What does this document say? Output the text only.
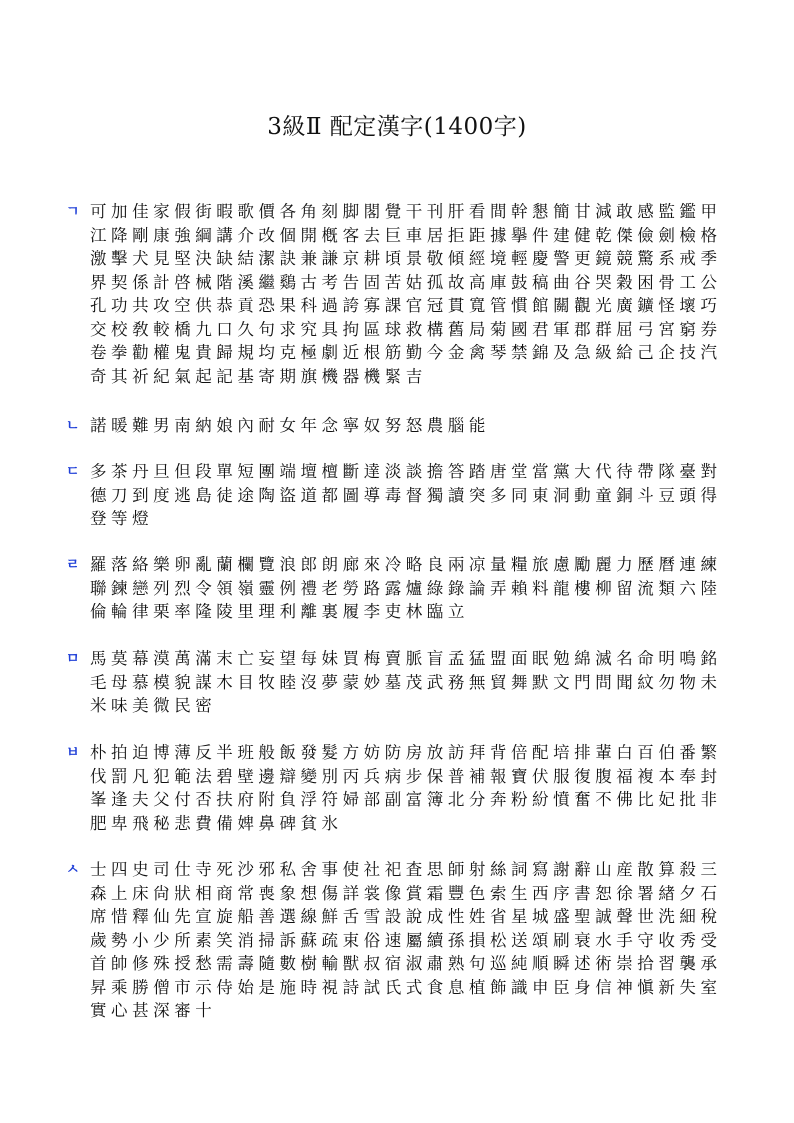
3級Ⅱ 配定漢字(1400字)
ㄱ 可加佳家假街暇歌價各角刻脚閣覺干刊肝看間幹懇簡甘減敢感監鑑甲江降剛康強綱講介改個開槪客去巨車居拒距據擧件建健乾傑儉劍檢格激擊犬見堅決缺結潔訣兼謙京耕頃景敬傾經境輕慶警更鏡競驚系戒季界契係計啓械階溪繼鷄古考告固苦姑孤故高庫鼓稿曲谷哭穀困骨工公孔功共攻空供恭貢恐果科過誇寡課官冠貫寬管慣館關觀光廣鑛怪壞巧交校敎較橋九口久句求究具拘區球救構舊局菊國君軍郡群屈弓宮窮券卷拳勸權鬼貴歸規均克極劇近根筋勤今金禽琴禁錦及急級給己企技汽奇其祈紀氣起記基寄期旗機器機緊吉
ㄴ 諾暖難男南納娘內耐女年念寧奴努怒農腦能
ㄷ 多茶丹旦但段單短團端壇檀斷達淡談擔答踏唐堂當黨大代待帶隊臺對德刀到度逃島徒途陶盜道都圖導毒督獨讀突多同東洞動童銅斗豆頭得登等燈
ㄹ 羅落絡樂卵亂蘭欄覽浪郎朗廊來冷略良兩凉量糧旅慮勵麗力歷曆連練聯鍊戀列烈令領嶺靈例禮老勞路露爐綠錄論弄賴料龍樓柳留流類六陸倫輪律栗率隆陵里理利離裏履李吏林臨立
ㅁ 馬莫幕漠萬滿末亡妄望每妹買梅賣脈盲孟猛盟面眠勉綿滅名命明鳴銘毛母慕模貌謀木目牧睦沒夢蒙妙墓茂武務無貿舞默文門問聞紋勿物未米味美微民密
ㅂ 朴拍迫博薄反半班般飯發髮方妨防房放訪拜背倍配培排輩白百伯番繁伐罰凡犯範法碧壁邊辯變別丙兵病步保普補報寶伏服復腹福複本奉封峯逢夫父付否扶府附負浮符婦部副富簿北分奔粉紛憤奮不佛比妃批非肥卑飛秘悲費備婢鼻碑貧氷
ㅅ 士四史司仕寺死沙邪私舍事使社祀査思師射絲詞寫謝辭山産散算殺三森上床尙狀相商常喪象想傷詳裳像賞霜豐色索生西序書恕徐署緖夕石席惜釋仙先宣旋船善選線鮮舌雪設說成性姓省星城盛聖誠聲世洗細稅歲勢小少所素笑消掃訴蘇疏束俗速屬續孫損松送頌刷衰水手守收秀受首帥修殊授愁需壽隨數樹輸獸叔宿淑肅熟句巡純順瞬述術崇拾習襲承昇乘勝僧市示侍始是施時視詩試氏式食息植飾識申臣身信神愼新失室實心甚深審十
